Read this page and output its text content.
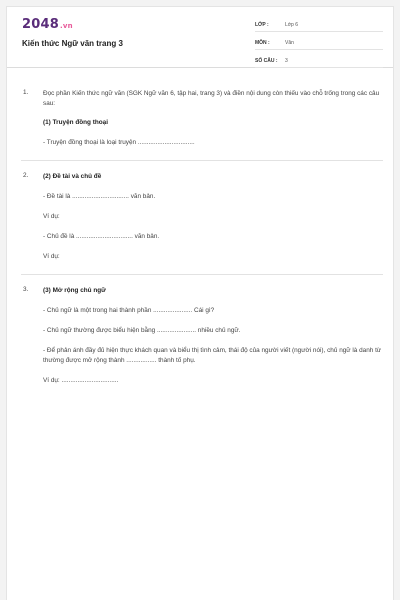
2048.vn
Kiến thức Ngữ văn trang 3
LỚP :	Lớp 6
MÔN :	Văn
SỐ CÂU : 3
1. Đọc phần Kiến thức ngữ văn (SGK Ngữ văn 6, tập hai, trang 3) và điền nội dung còn thiếu vào chỗ trống trong các câu sau:

(1) Truyện đồng thoại

- Truyện đồng thoại là loại truyện ................................

2. (2) Đề tài và chủ đề

- Đề tài là ................................ văn bản.

Ví dụ:

- Chủ đề là ................................ văn bản.

Ví dụ:

3. (3) Mở rộng chủ ngữ

- Chủ ngữ là một trong hai thành phần ...................... Cái gì?

- Chủ ngữ thường được biểu hiện bằng ...................... nhiều chủ ngữ.

- Để phản ánh đầy đủ hiện thực khách quan và biểu thị tình cảm, thái độ của người viết (người nói), chủ ngữ là danh từ thường được mở rộng thành ................. thành tố phụ.

Ví dụ: ................................
